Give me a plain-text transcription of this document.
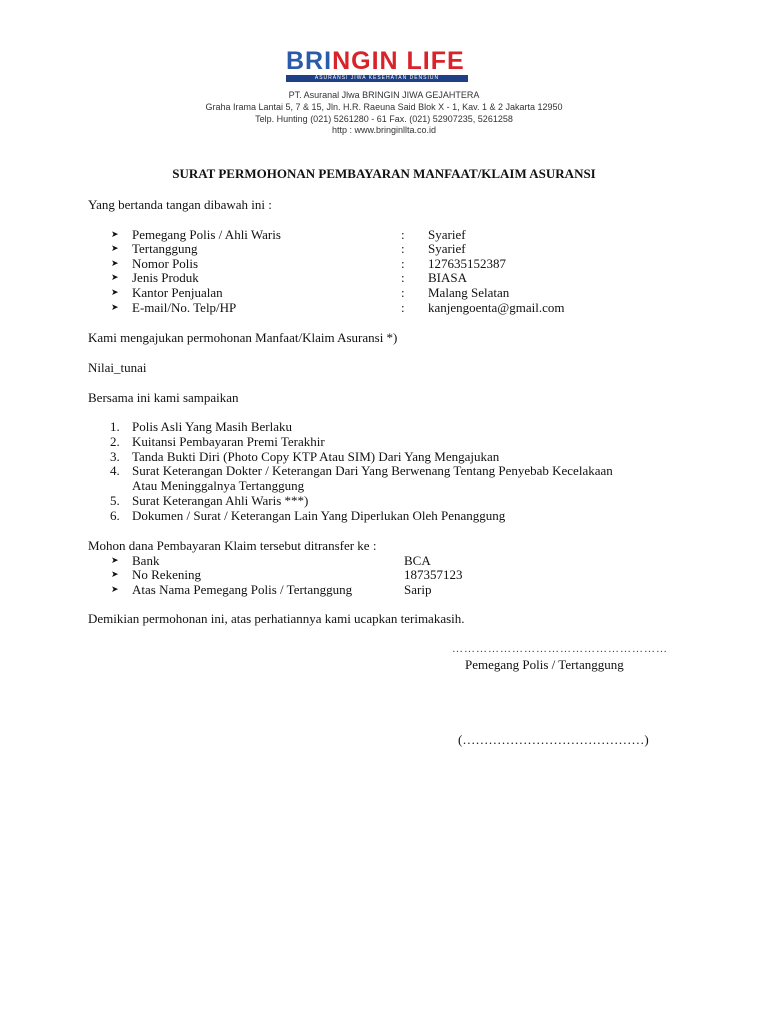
BRINGIN LIFE
ASURANSI JIWA KESEHATAN DENSIUN
PT. Asuranal Jlwa BRINGIN JIWA GEJAHTERA
Graha Irama Lantai 5, 7 & 15, Jln. H.R. Raeuna Said Blok X - 1, Kav. 1 & 2 Jakarta 12950
Telp. Hunting (021) 5261280 - 61 Fax. (021) 52907235, 5261258
http : www.bringinllta.co.id
SURAT PERMOHONAN PEMBAYARAN MANFAAT/KLAIM ASURANSI
Yang bertanda tangan dibawah ini :
➤ Pemegang Polis / Ahli Waris	: Syarief
➤ Tertanggung	: Syarief
➤ Nomor Polis	: 127635152387
➤ Jenis Produk	: BIASA
➤ Kantor Penjualan	: Malang Selatan
➤ E-mail/No. Telp/HP	: kanjengoenta@gmail.com
Kami mengajukan permohonan Manfaat/Klaim Asuransi *)
Nilai_tunai
Bersama ini kami sampaikan
1. Polis Asli Yang Masih Berlaku
2. Kuitansi Pembayaran Premi Terakhir
3. Tanda Bukti Diri (Photo Copy KTP Atau SIM) Dari Yang Mengajukan
4. Surat Keterangan Dokter / Keterangan Dari Yang Berwenang Tentang Penyebab Kecelakaan Atau Meninggalnya Tertanggung
5. Surat Keterangan Ahli Waris ***)
6. Dokumen / Surat / Keterangan Lain Yang Diperlukan Oleh Penanggung
Mohon dana Pembayaran Klaim tersebut ditransfer ke :
➤ Bank	BCA
➤ No Rekening	187357123
➤ Atas Nama Pemegang Polis / Tertanggung	Sarip
Demikian permohonan ini, atas perhatiannya kami ucapkan terimakasih.
………………………………………………
Pemegang Polis / Tertanggung
(……………………………………)
